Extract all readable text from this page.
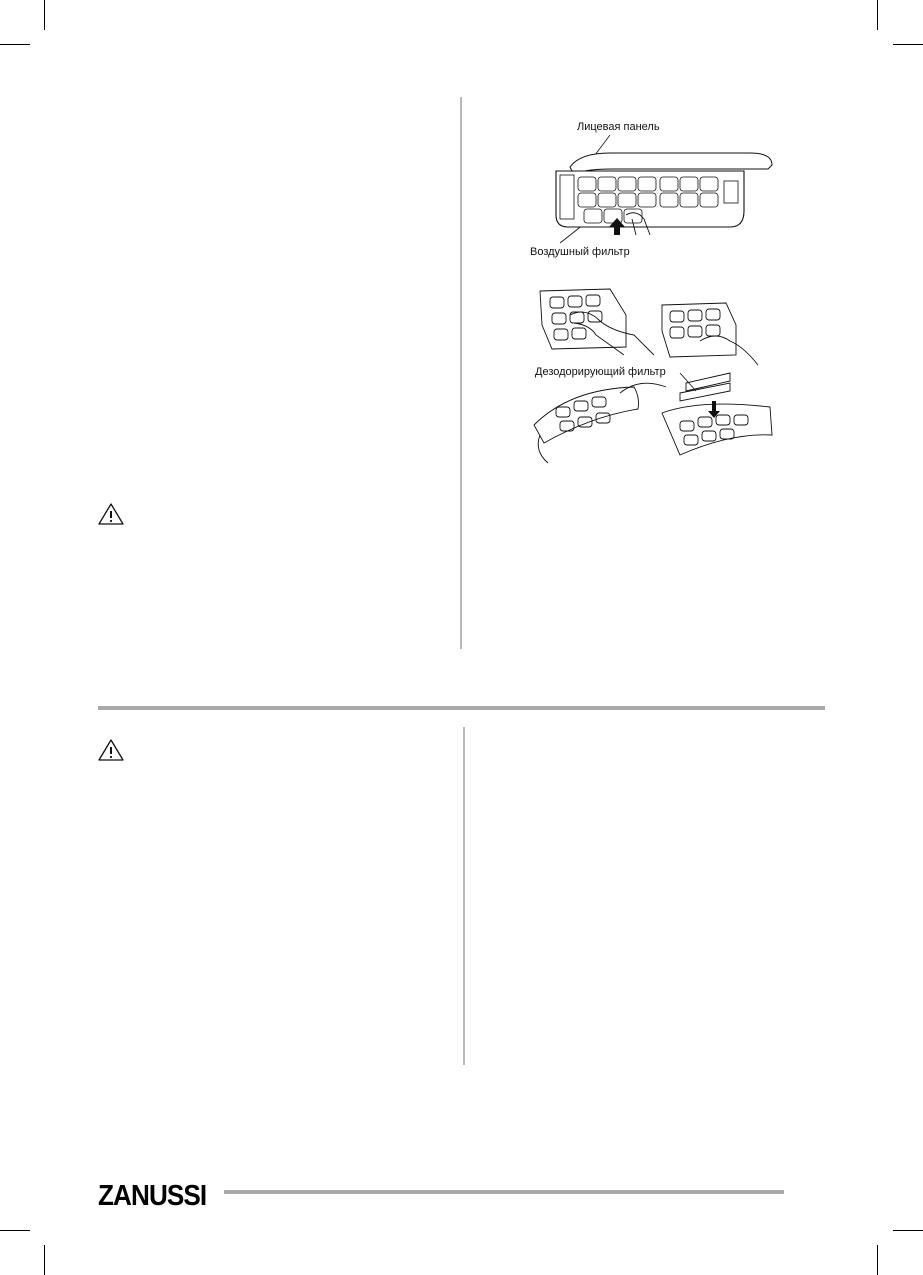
Лицевая панель
Воздушный фильтр
Дезодорирующий фильтр
ZANUSSI
